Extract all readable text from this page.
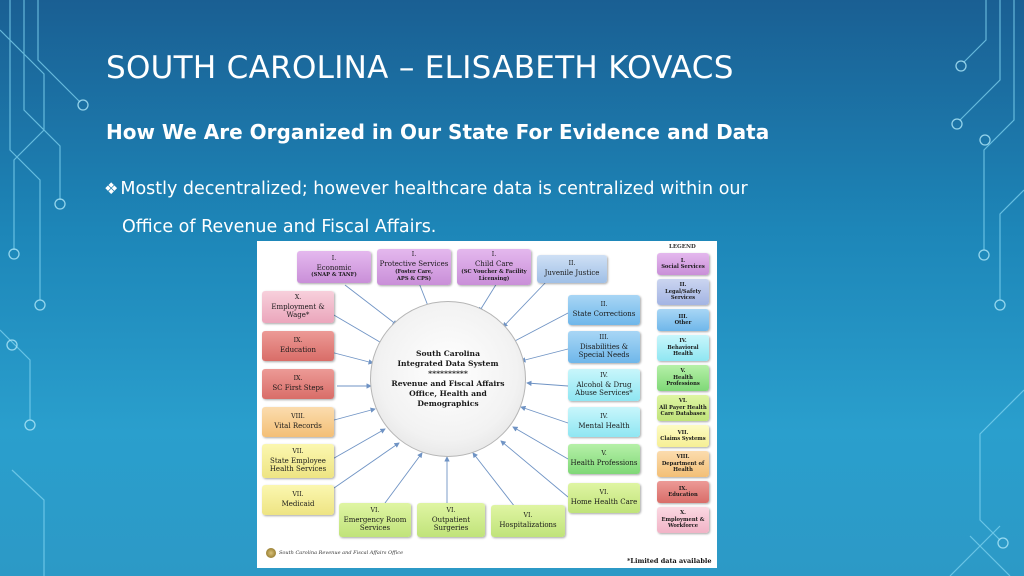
SOUTH CAROLINA – ELISABETH KOVACS
How We Are Organized in Our State For Evidence and Data
❖ Mostly decentralized; however healthcare data is centralized within our
Office of Revenue and Fiscal Affairs.
South Carolina
Integrated Data System
**********
Revenue and Fiscal Affairs
Office, Health and
Demographics
I.
Economic
(SNAP & TANF)
I.
Protective Services
(Foster Care,
APS & CPS)
I.
Child Care
(SC Voucher & Facility
Licensing)
II.
Juvenile Justice
X.
Employment &
Wage*
IX.
Education
IX.
SC First Steps
VIII.
Vital Records
VII.
State Employee
Health Services
VII.
Medicaid
VI.
Emergency Room
Services
VI.
Outpatient
Surgeries
VI.
Hospitalizations
II.
State Corrections
III.
Disabilities &
Special Needs
IV.
Alcohol & Drug
Abuse Services*
IV.
Mental Health
V.
Health Professions
VI.
Home Health Care
LEGEND
I.
Social Services
II.
Legal/Safety
Services
III.
Other
IV.
Behavioral
Health
V.
Health
Professions
VI.
All Payer Health
Care Databases
VII.
Claims Systems
VIII.
Department of
Health
IX.
Education
X.
Employment &
Workforce
South Carolina Revenue and Fiscal Affairs Office
*Limited data available
